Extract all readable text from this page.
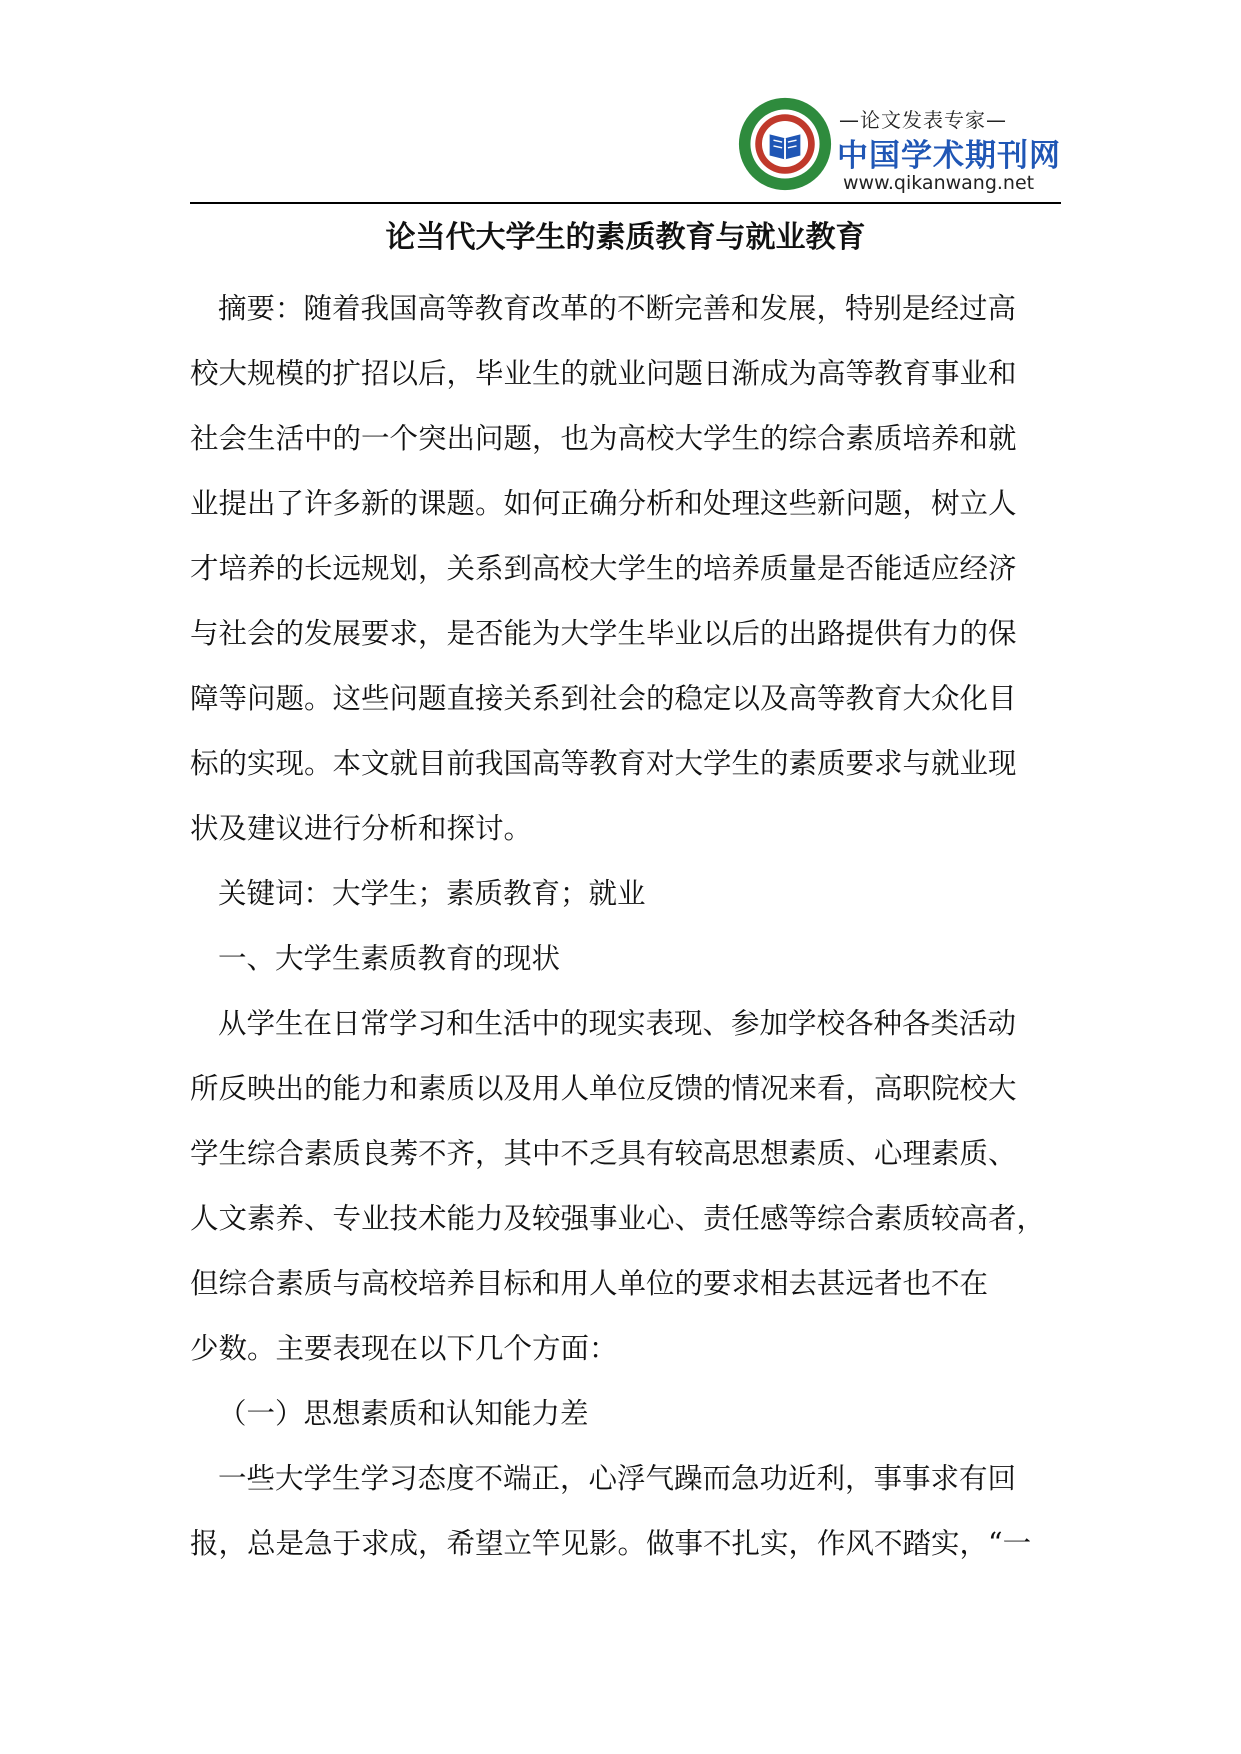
—论文发表专家—
中国学术期刊网
www.qikanwang.net
论当代大学生的素质教育与就业教育

摘要：随着我国高等教育改革的不断完善和发展，特别是经过高
校大规模的扩招以后，毕业生的就业问题日渐成为高等教育事业和
社会生活中的一个突出问题，也为高校大学生的综合素质培养和就
业提出了许多新的课题。如何正确分析和处理这些新问题，树立人
才培养的长远规划，关系到高校大学生的培养质量是否能适应经济
与社会的发展要求，是否能为大学生毕业以后的出路提供有力的保
障等问题。这些问题直接关系到社会的稳定以及高等教育大众化目
标的实现。本文就目前我国高等教育对大学生的素质要求与就业现
状及建议进行分析和探讨。

关键词：大学生；素质教育；就业

一、大学生素质教育的现状

从学生在日常学习和生活中的现实表现、参加学校各种各类活动
所反映出的能力和素质以及用人单位反馈的情况来看，高职院校大
学生综合素质良莠不齐，其中不乏具有较高思想素质、心理素质、
人文素养、专业技术能力及较强事业心、责任感等综合素质较高者，
但综合素质与高校培养目标和用人单位的要求相去甚远者也不在
少数。主要表现在以下几个方面：

（一）思想素质和认知能力差

一些大学生学习态度不端正，心浮气躁而急功近利，事事求有回
报，总是急于求成，希望立竿见影。做事不扎实，作风不踏实，“一
